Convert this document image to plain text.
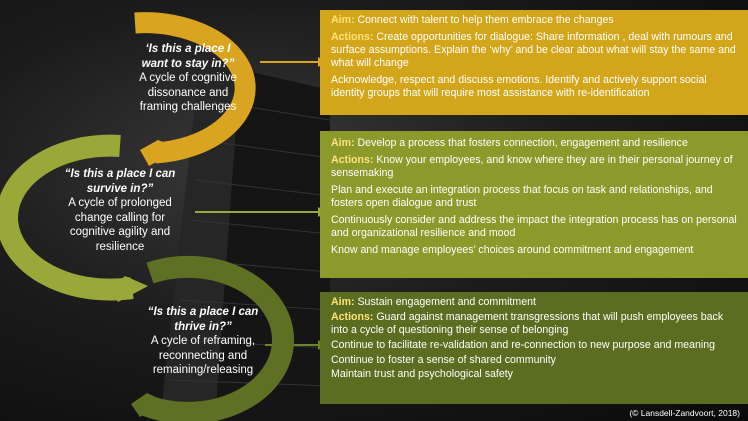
‘Is this a place I
want to stay in?”
A cycle of cognitive
dissonance and
framing challenges
“Is this a place I can
survive in?”
A cycle of prolonged
change calling for
cognitive agility and
resilience
“Is this a place I can
thrive in?”
A cycle of reframing,
reconnecting and
remaining/releasing

Aim: Connect with talent to help them embrace the changes

Actions: Create opportunities for dialogue: Share information , deal with rumours and surface assumptions. Explain the ‘why’ and be clear about what will stay the same and what will change

Acknowledge, respect and discuss emotions. Identify and actively support social identity groups that will require most assistance with re-identification

Aim: Develop a process that fosters connection, engagement and resilience

Actions: Know your employees, and know where they are in their personal journey of sensemaking

Plan and execute an integration process that focus on task and relationships, and fosters open dialogue and trust

Continuously consider and address the impact the integration process has on personal and organizational resilience and mood

Know and manage employees’ choices around commitment and engagement

Aim: Sustain engagement and commitment

Actions: Guard against management transgressions that will push employees back into a cycle of questioning their sense of belonging

Continue to facilitate re-validation and re-connection to new purpose and meaning

Continue to foster a sense of shared community

Maintain trust and psychological safety

(© Lansdell-Zandvoort, 2018)
